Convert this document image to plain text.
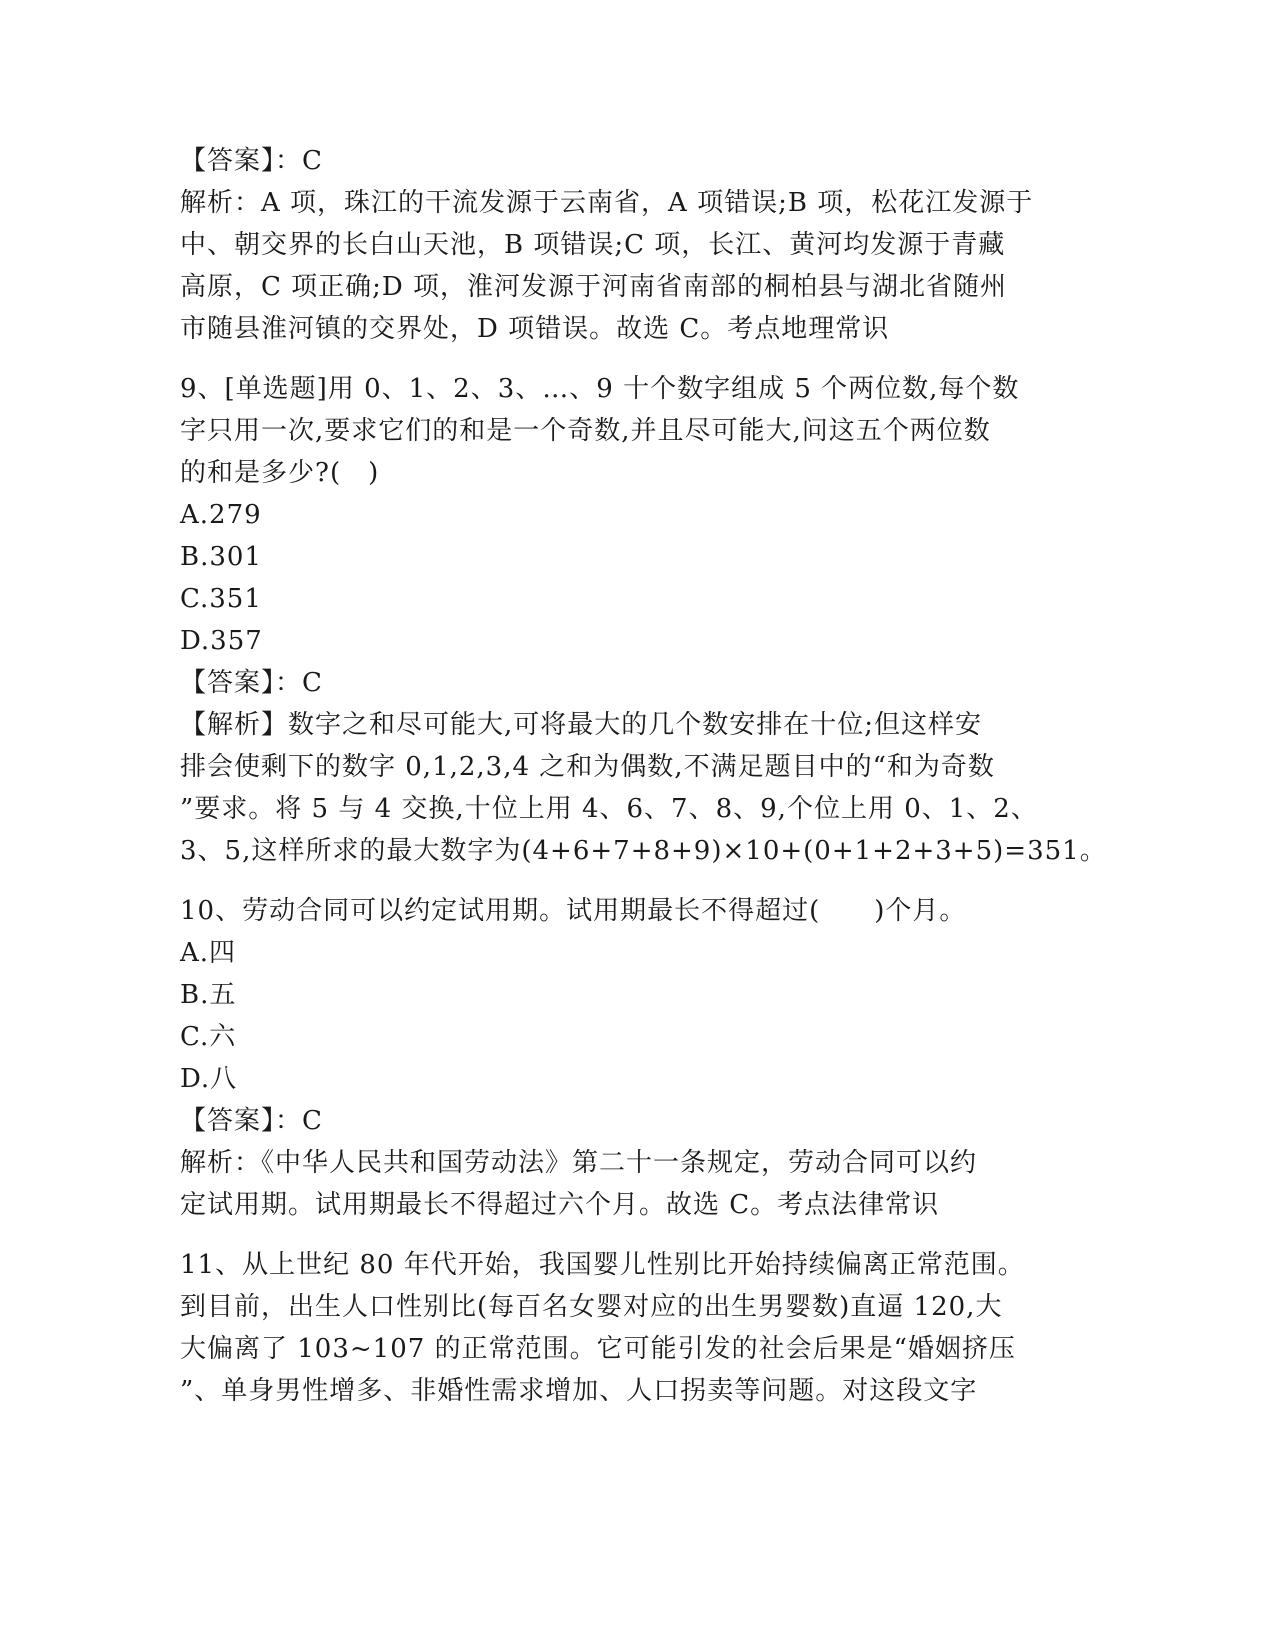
【答案】：C
解析：A 项，珠江的干流发源于云南省，A 项错误;B 项，松花江发源于
中、朝交界的长白山天池，B 项错误;C 项，长江、黄河均发源于青藏
高原，C 项正确;D 项，淮河发源于河南省南部的桐柏县与湖北省随州
市随县淮河镇的交界处，D 项错误。故选 C。考点地理常识
9、[单选题]用 0、1、2、3、…、9 十个数字组成 5 个两位数,每个数
字只用一次,要求它们的和是一个奇数,并且尽可能大,问这五个两位数
的和是多少?(　)
A.279
B.301
C.351
D.357
【答案】：C
【解析】数字之和尽可能大,可将最大的几个数安排在十位;但这样安
排会使剩下的数字 0,1,2,3,4 之和为偶数,不满足题目中的“和为奇数
”要求。将 5 与 4 交换,十位上用 4、6、7、8、9,个位上用 0、1、2、
3、5,这样所求的最大数字为(4+6+7+8+9)×10+(0+1+2+3+5)=351。
10、劳动合同可以约定试用期。试用期最长不得超过(　　)个月。
A.四
B.五
C.六
D.八
【答案】：C
解析：《中华人民共和国劳动法》第二十一条规定，劳动合同可以约
定试用期。试用期最长不得超过六个月。故选 C。考点法律常识
11、从上世纪 80 年代开始，我国婴儿性别比开始持续偏离正常范围。
到目前，出生人口性别比(每百名女婴对应的出生男婴数)直逼 120,大
大偏离了 103~107 的正常范围。它可能引发的社会后果是“婚姻挤压
”、单身男性增多、非婚性需求增加、人口拐卖等问题。对这段文字
